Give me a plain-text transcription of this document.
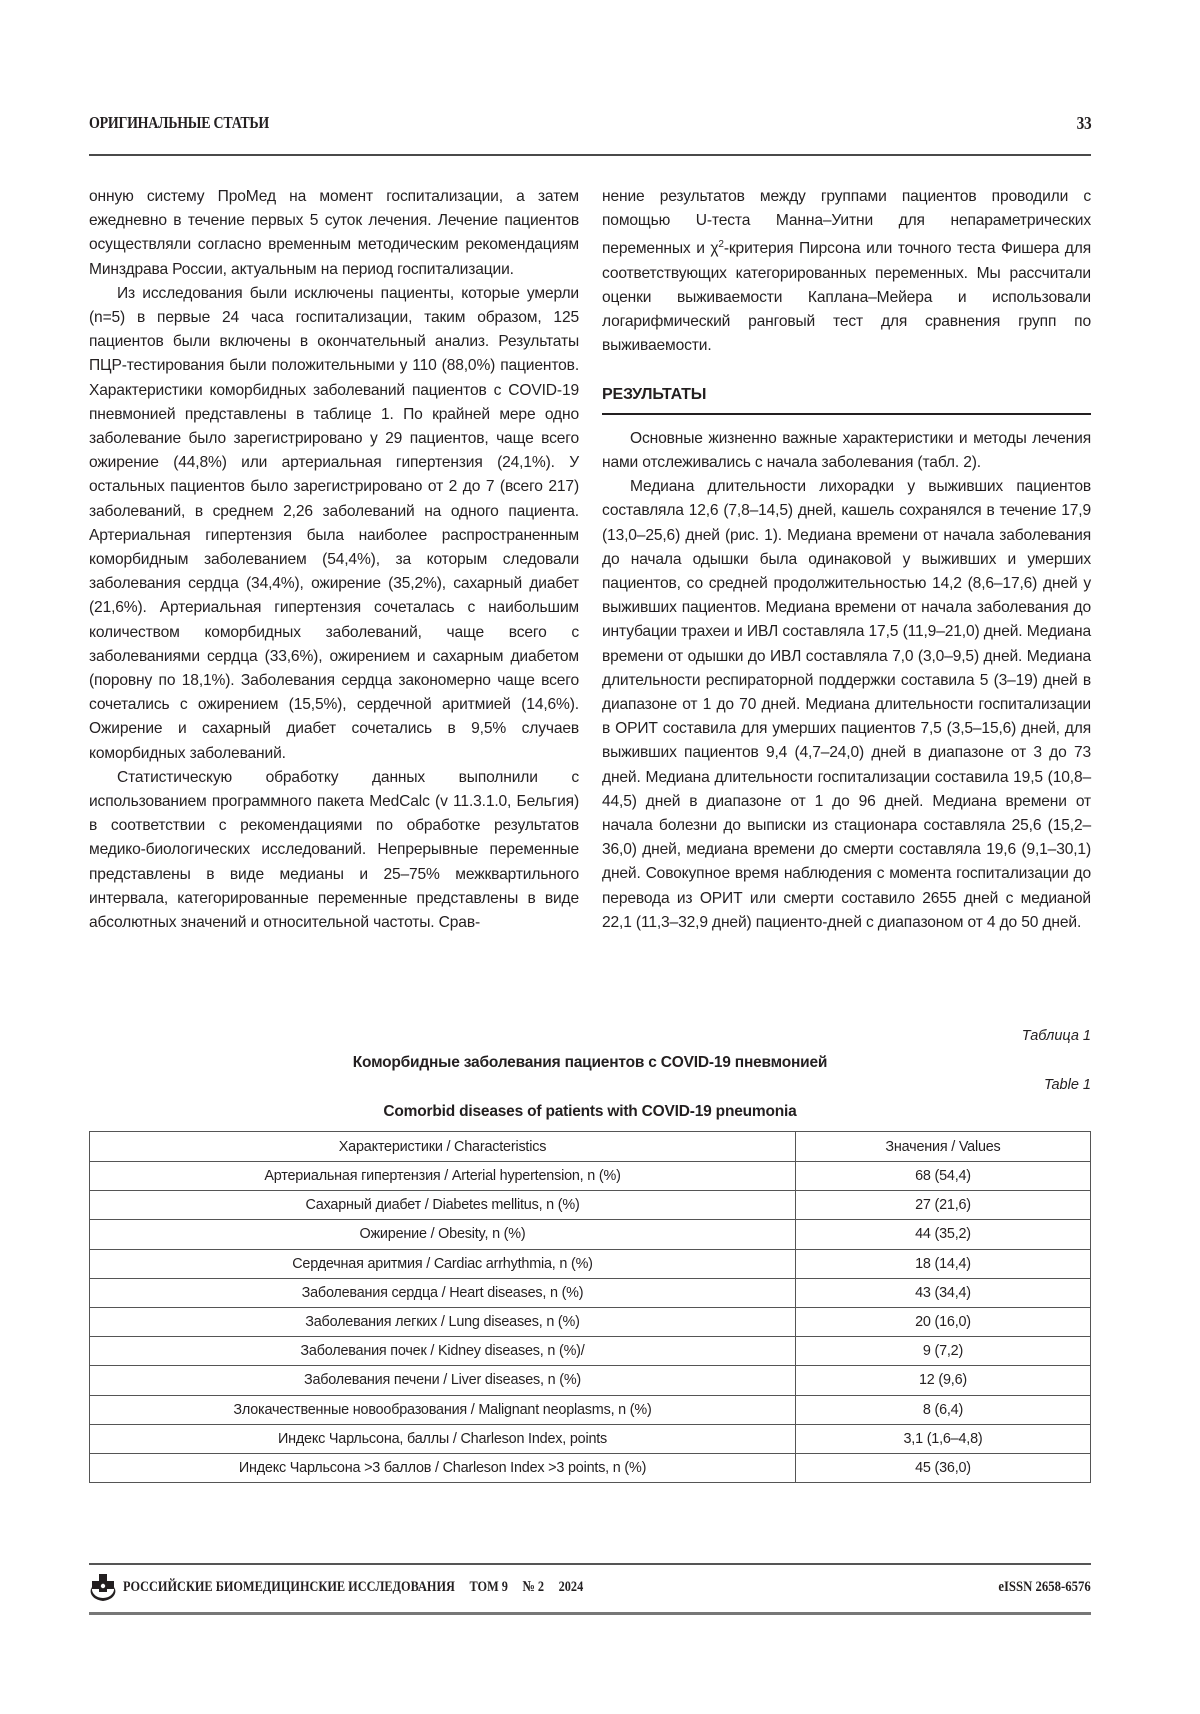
ОРИГИНАЛЬНЫЕ СТАТЬИ	33

онную систему ПроМед на момент госпитализации, а затем ежедневно в течение первых 5 суток лечения. Лечение пациентов осуществляли согласно временным методическим рекомендациям Минздрава России, актуальным на период госпитализации.

Из исследования были исключены пациенты, которые умерли (n=5) в первые 24 часа госпитализации, таким образом, 125 пациентов были включены в окончательный анализ. Результаты ПЦР-тестирования были положительными у 110 (88,0%) пациентов. Характеристики коморбидных заболеваний пациентов с COVID-19 пневмонией представлены в таблице 1. По крайней мере одно заболевание было зарегистрировано у 29 пациентов, чаще всего ожирение (44,8%) или артериальная гипертензия (24,1%). У остальных пациентов было зарегистрировано от 2 до 7 (всего 217) заболеваний, в среднем 2,26 заболеваний на одного пациента. Артериальная гипертензия была наиболее распространенным коморбидным заболеванием (54,4%), за которым следовали заболевания сердца (34,4%), ожирение (35,2%), сахарный диабет (21,6%). Артериальная гипертензия сочеталась с наибольшим количеством коморбидных заболеваний, чаще всего с заболеваниями сердца (33,6%), ожирением и сахарным диабетом (поровну по 18,1%). Заболевания сердца закономерно чаще всего сочетались с ожирением (15,5%), сердечной аритмией (14,6%). Ожирение и сахарный диабет сочетались в 9,5% случаев коморбидных заболеваний.

Статистическую обработку данных выполнили с использованием программного пакета MedCalc (v 11.3.1.0, Бельгия) в соответствии с рекомендациями по обработке результатов медико-биологических исследований. Непрерывные переменные представлены в виде медианы и 25–75% межквартильного интервала, категорированные переменные представлены в виде абсолютных значений и относительной частоты. Срав-

нение результатов между группами пациентов проводили с помощью U-теста Манна–Уитни для непараметрических переменных и $\chi^2$-критерия Пирсона или точного теста Фишера для соответствующих категорированных переменных. Мы рассчитали оценки выживаемости Каплана–Мейера и использовали логарифмический ранговый тест для сравнения групп по выживаемости.

РЕЗУЛЬТАТЫ

Основные жизненно важные характеристики и методы лечения нами отслеживались с начала заболевания (табл. 2).

Медиана длительности лихорадки у выживших пациентов составляла 12,6 (7,8–14,5) дней, кашель сохранялся в течение 17,9 (13,0–25,6) дней (рис. 1). Медиана времени от начала заболевания до начала одышки была одинаковой у выживших и умерших пациентов, со средней продолжительностью 14,2 (8,6–17,6) дней у выживших пациентов. Медиана времени от начала заболевания до интубации трахеи и ИВЛ составляла 17,5 (11,9–21,0) дней. Медиана времени от одышки до ИВЛ составляла 7,0 (3,0–9,5) дней. Медиана длительности респираторной поддержки составила 5 (3–19) дней в диапазоне от 1 до 70 дней. Медиана длительности госпитализации в ОРИТ составила для умерших пациентов 7,5 (3,5–15,6) дней, для выживших пациентов 9,4 (4,7–24,0) дней в диапазоне от 3 до 73 дней. Медиана длительности госпитализации составила 19,5 (10,8–44,5) дней в диапазоне от 1 до 96 дней. Медиана времени от начала болезни до выписки из стационара составляла 25,6 (15,2–36,0) дней, медиана времени до смерти составляла 19,6 (9,1–30,1) дней. Совокупное время наблюдения с момента госпитализации до перевода из ОРИТ или смерти составило 2655 дней с медианой 22,1 (11,3–32,9 дней) пациенто-дней с диапазоном от 4 до 50 дней.

Таблица 1
Коморбидные заболевания пациентов с COVID-19 пневмонией
Table 1
Comorbid diseases of patients with COVID-19 pneumonia
Характеристики / Characteristics	Значения / Values
Артериальная гипертензия / Arterial hypertension, n (%)	68 (54,4)
Сахарный диабет / Diabetes mellitus, n (%)	27 (21,6)
Ожирение / Obesity, n (%)	44 (35,2)
Сердечная аритмия / Cardiac arrhythmia, n (%)	18 (14,4)
Заболевания сердца / Heart diseases, n (%)	43 (34,4)
Заболевания легких / Lung diseases, n (%)	20 (16,0)
Заболевания почек / Kidney diseases, n (%)/	9 (7,2)
Заболевания печени / Liver diseases, n (%)	12 (9,6)
Злокачественные новообразования / Malignant neoplasms, n (%)	8 (6,4)
Индекс Чарльсона, баллы / Charleson Index, points	3,1 (1,6–4,8)
Индекс Чарльсона >3 баллов / Charleson Index >3 points, n (%)	45 (36,0)
РОССИЙСКИЕ БИОМЕДИЦИНСКИЕ ИССЛЕДОВАНИЯ ТОМ 9 № 2 2024	eISSN 2658-6576
